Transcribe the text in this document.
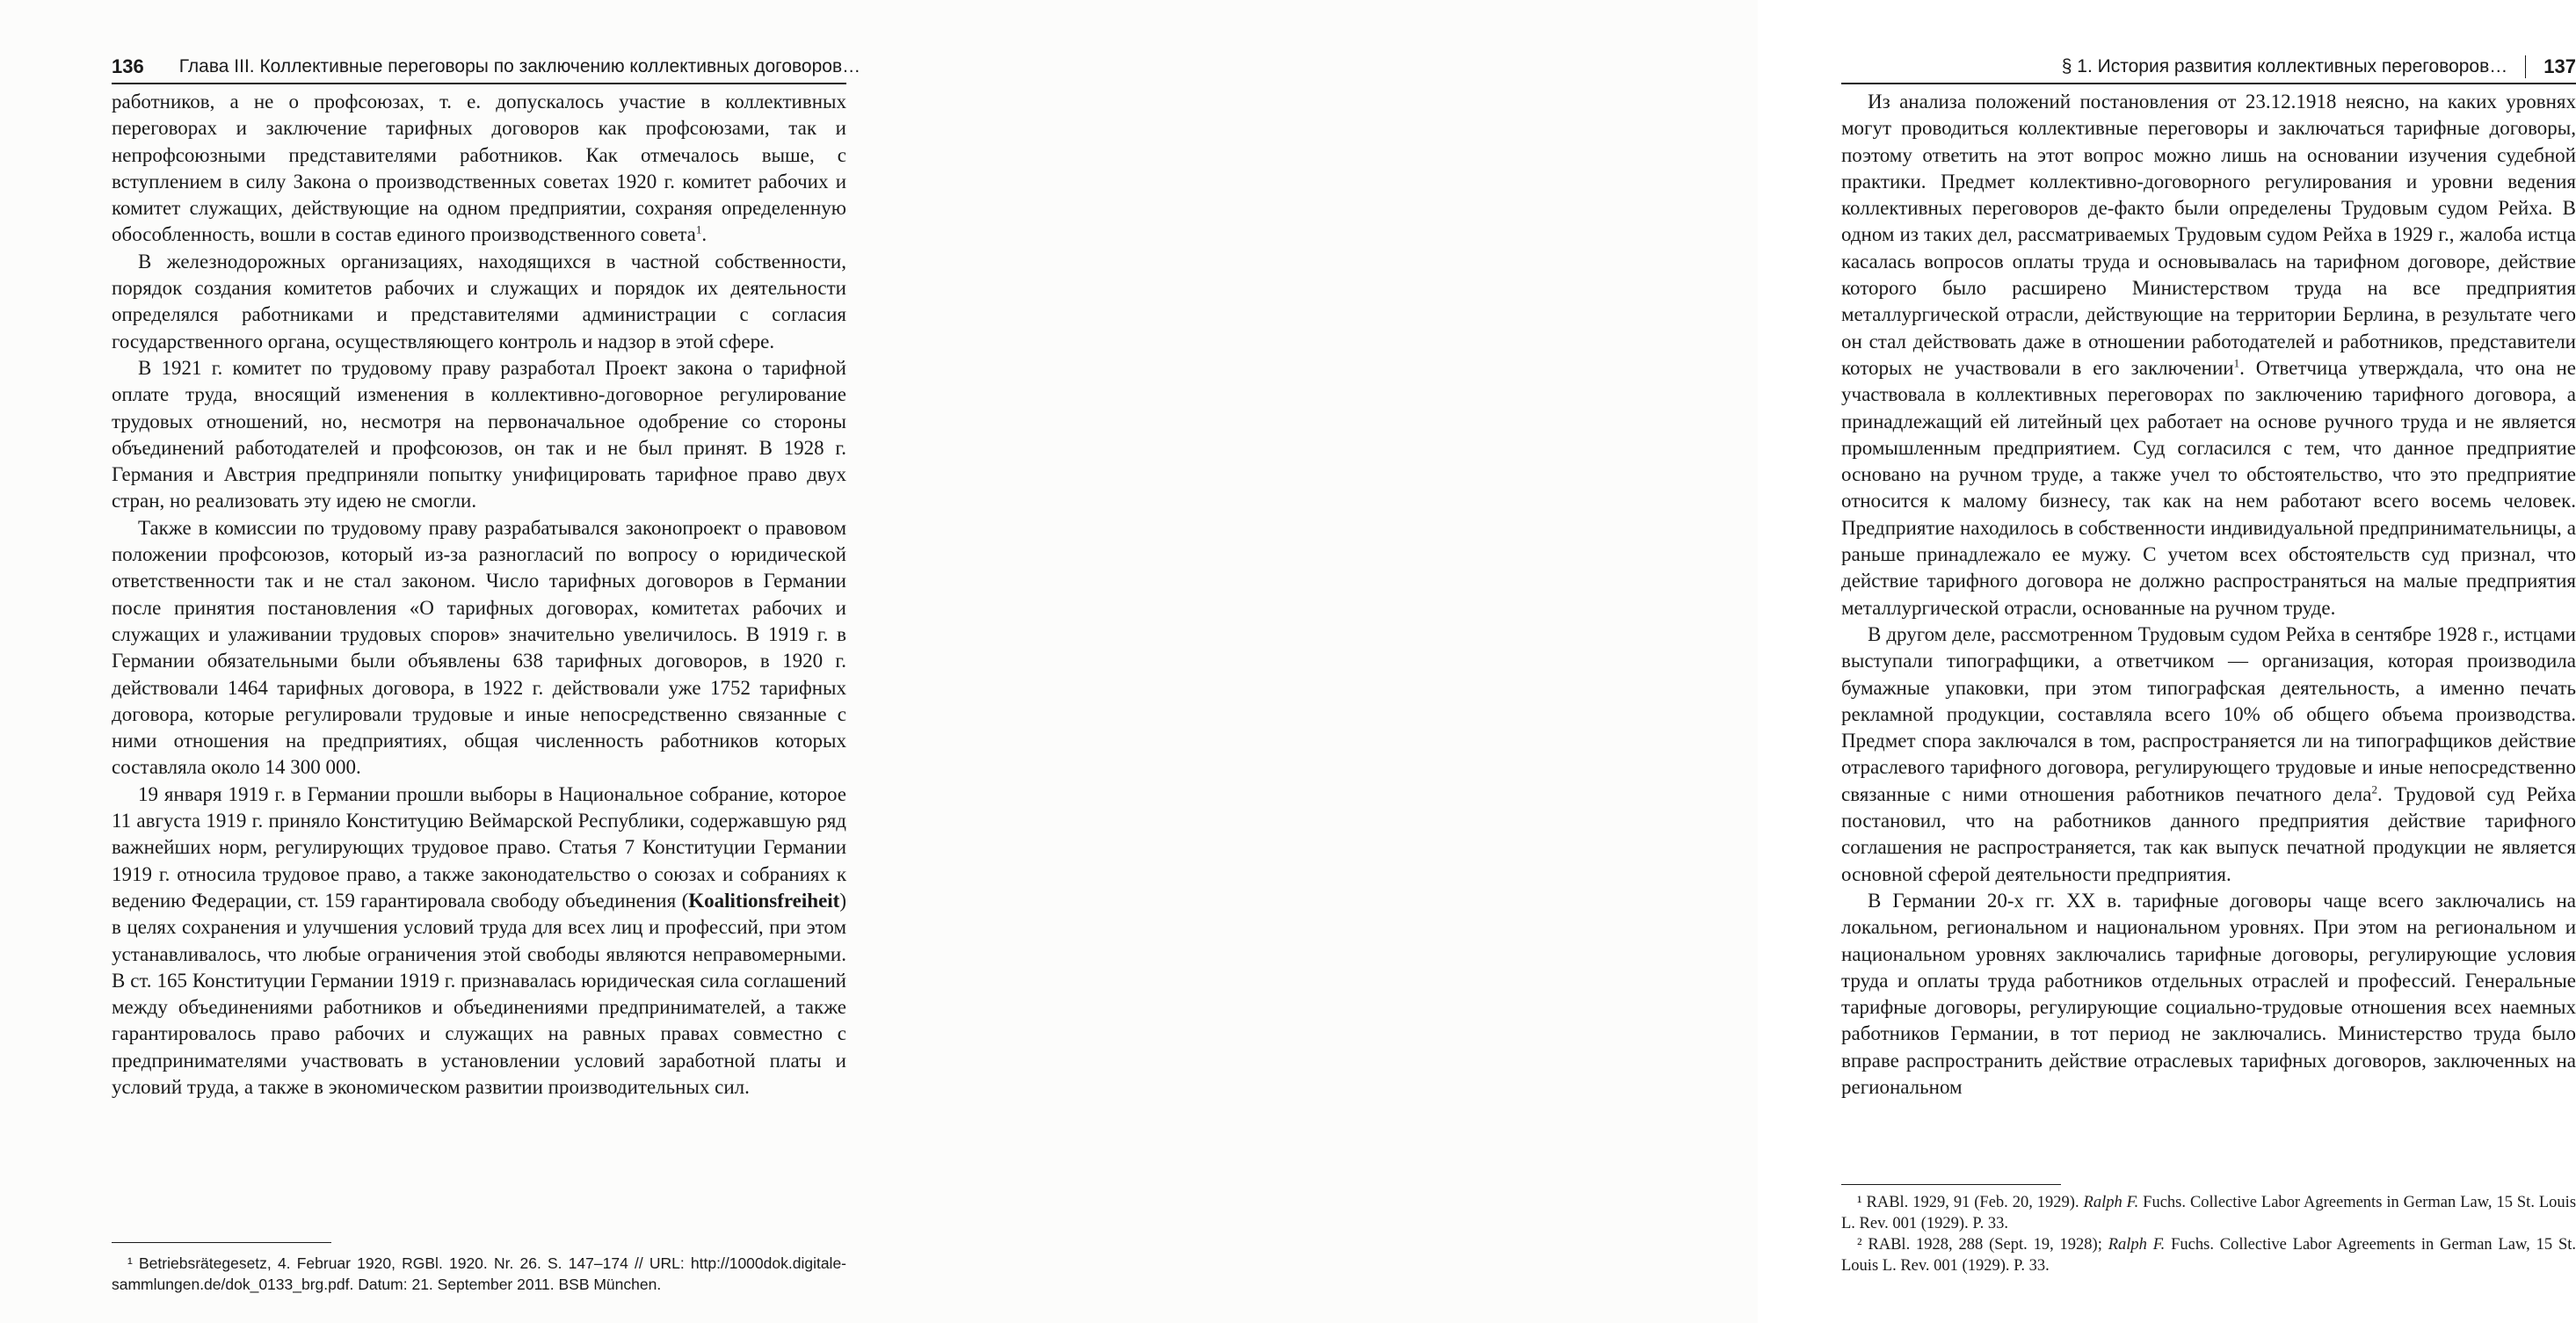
136 Глава III. Коллективные переговоры по заключению коллективных договоров…

работников, а не о профсоюзах, т. е. допускалось участие в коллективных переговорах и заключение тарифных договоров как профсоюзами, так и непрофсоюзными представителями работников. Как отмечалось выше, с вступлением в силу Закона о производственных советах 1920 г. комитет рабочих и комитет служащих, действующие на одном предприятии, сохраняя определенную обособленность, вошли в состав единого производственного совета$^1$.

В железнодорожных организациях, находящихся в частной собственности, порядок создания комитетов рабочих и служащих и порядок их деятельности определялся работниками и представителями администрации с согласия государственного органа, осуществляющего контроль и надзор в этой сфере.

В 1921 г. комитет по трудовому праву разработал Проект закона о тарифной оплате труда, вносящий изменения в коллективно-договорное регулирование трудовых отношений, но, несмотря на первоначальное одобрение со стороны объединений работодателей и профсоюзов, он так и не был принят. В 1928 г. Германия и Австрия предприняли попытку унифицировать тарифное право двух стран, но реализовать эту идею не смогли.

Также в комиссии по трудовому праву разрабатывался законопроект о правовом положении профсоюзов, который из-за разногласий по вопросу о юридической ответственности так и не стал законом. Число тарифных договоров в Германии после принятия постановления «О тарифных договорах, комитетах рабочих и служащих и улаживании трудовых споров» значительно увеличилось. В 1919 г. в Германии обязательными были объявлены 638 тарифных договоров, в 1920 г. действовали 1464 тарифных договора, в 1922 г. действовали уже 1752 тарифных договора, которые регулировали трудовые и иные непосредственно связанные с ними отношения на предприятиях, общая численность работников которых составляла около 14 300 000.

19 января 1919 г. в Германии прошли выборы в Национальное собрание, которое 11 августа 1919 г. приняло Конституцию Веймарской Республики, содержавшую ряд важнейших норм, регулирующих трудовое право. Статья 7 Конституции Германии 1919 г. относила трудовое право, а также законодательство о союзах и собраниях к ведению Федерации, ст. 159 гарантировала свободу объединения (Koalitionsfreiheit) в целях сохранения и улучшения условий труда для всех лиц и профессий, при этом устанавливалось, что любые ограничения этой свободы являются неправомерными. В ст. 165 Конституции Германии 1919 г. признавалась юридическая сила соглашений между объединениями работников и объединениями предпринимателей, а также гарантировалось право рабочих и служащих на равных правах совместно с предпринимателями участвовать в установлении условий заработной платы и условий труда, а также в экономическом развитии производительных сил.

¹ Betriebsrätegesetz, 4. Februar 1920, RGBl. 1920. Nr. 26. S. 147–174 // URL: http://1000dok.digitale-sammlungen.de/dok_0133_brg.pdf. Datum: 21. September 2011. BSB München.

§ 1. История развития коллективных переговоров… 137

Из анализа положений постановления от 23.12.1918 неясно, на каких уровнях могут проводиться коллективные переговоры и заключаться тарифные договоры, поэтому ответить на этот вопрос можно лишь на основании изучения судебной практики. Предмет коллективно-договорного регулирования и уровни ведения коллективных переговоров де-факто были определены Трудовым судом Рейха. В одном из таких дел, рассматриваемых Трудовым судом Рейха в 1929 г., жалоба истца касалась вопросов оплаты труда и основывалась на тарифном договоре, действие которого было расширено Министерством труда на все предприятия металлургической отрасли, действующие на территории Берлина, в результате чего он стал действовать даже в отношении работодателей и работников, представители которых не участвовали в его заключении$^1$. Ответчица утверждала, что она не участвовала в коллективных переговорах по заключению тарифного договора, а принадлежащий ей литейный цех работает на основе ручного труда и не является промышленным предприятием. Суд согласился с тем, что данное предприятие основано на ручном труде, а также учел то обстоятельство, что это предприятие относится к малому бизнесу, так как на нем работают всего восемь человек. Предприятие находилось в собственности индивидуальной предпринимательницы, а раньше принадлежало ее мужу. С учетом всех обстоятельств суд признал, что действие тарифного договора не должно распространяться на малые предприятия металлургической отрасли, основанные на ручном труде.

В другом деле, рассмотренном Трудовым судом Рейха в сентябре 1928 г., истцами выступали типографщики, а ответчиком — организация, которая производила бумажные упаковки, при этом типографская деятельность, а именно печать рекламной продукции, составляла всего 10% об общего объема производства. Предмет спора заключался в том, распространяется ли на типографщиков действие отраслевого тарифного договора, регулирующего трудовые и иные непосредственно связанные с ними отношения работников печатного дела$^2$. Трудовой суд Рейха постановил, что на работников данного предприятия действие тарифного соглашения не распространяется, так как выпуск печатной продукции не является основной сферой деятельности предприятия.

В Германии 20-х гг. XX в. тарифные договоры чаще всего заключались на локальном, региональном и национальном уровнях. При этом на региональном и национальном уровнях заключались тарифные договоры, регулирующие условия труда и оплаты труда работников отдельных отраслей и профессий. Генеральные тарифные договоры, регулирующие социально-трудовые отношения всех наемных работников Германии, в тот период не заключались. Министерство труда было вправе распространить действие отраслевых тарифных договоров, заключенных на региональном

¹ RABl. 1929, 91 (Feb. 20, 1929). Ralph F. Fuchs. Collective Labor Agreements in German Law, 15 St. Louis L. Rev. 001 (1929). P. 33.

² RABl. 1928, 288 (Sept. 19, 1928); Ralph F. Fuchs. Collective Labor Agreements in German Law, 15 St. Louis L. Rev. 001 (1929). P. 33.
